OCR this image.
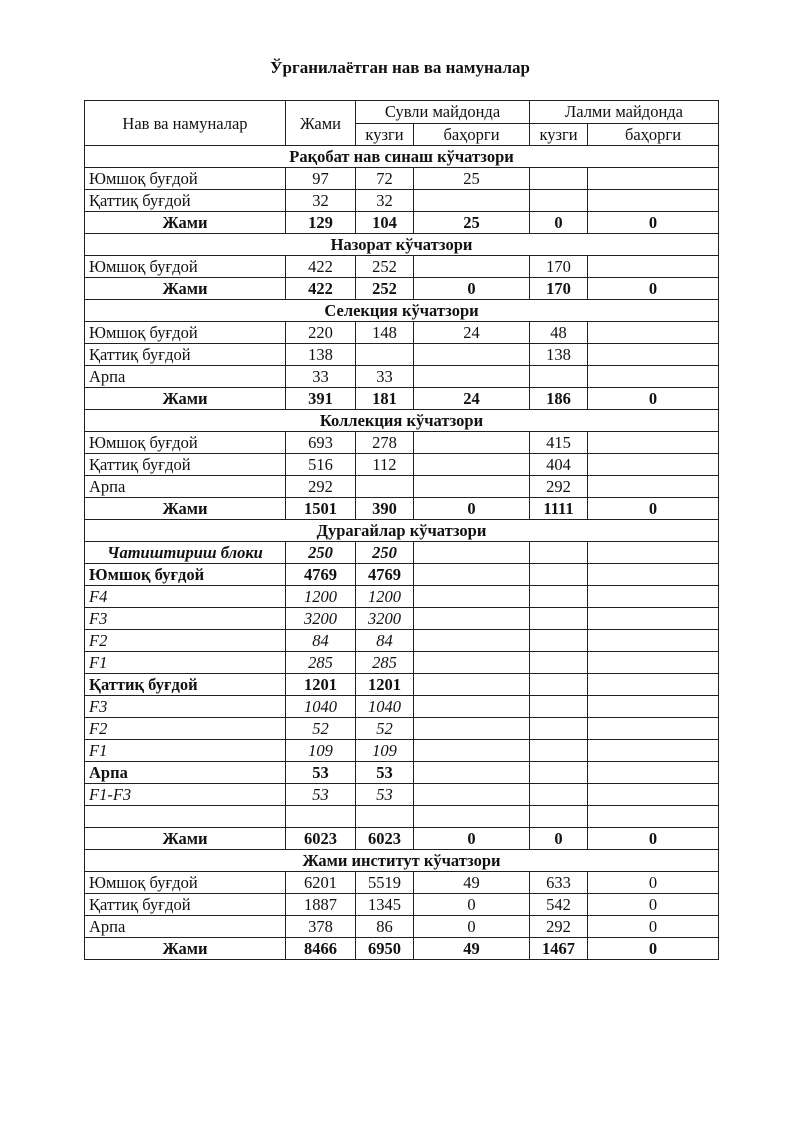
Ўрганилаётган нав ва намуналар
Нав ва намуналар	Жами	Сувли майдонда		Лалми майдонда	
		кузги	баҳорги	кузги	баҳорги
Рақобат нав синаш кўчатзори					
Юмшоқ буғдой	97	72	25		
Қаттиқ буғдой	32	32			
Жами	129	104	25	0	0
Назорат кўчатзори					
Юмшоқ буғдой	422	252		170	
Жами	422	252	0	170	0
Селекция кўчатзори					
Юмшоқ буғдой	220	148	24	48	
Қаттиқ буғдой	138			138	
Арпа	33	33			
Жами	391	181	24	186	0
Коллекция кўчатзори					
Юмшоқ буғдой	693	278		415	
Қаттиқ буғдой	516	112		404	
Арпа	292			292	
Жами	1501	390	0	1111	0
Дурагайлар кўчатзори					
Чатиштириш блоки	250	250			
Юмшоқ буғдой	4769	4769			
F4	1200	1200			
F3	3200	3200			
F2	84	84			
F1	285	285			
Қаттиқ буғдой	1201	1201			
F3	1040	1040			
F2	52	52			
F1	109	109			
Арпа	53	53			
F1-F3	53	53			

Жами	6023	6023	0	0	0
Жами институт кўчатзори					
Юмшоқ буғдой	6201	5519	49	633	0
Қаттиқ буғдой	1887	1345	0	542	0
Арпа	378	86	0	292	0
Жами	8466	6950	49	1467	0
